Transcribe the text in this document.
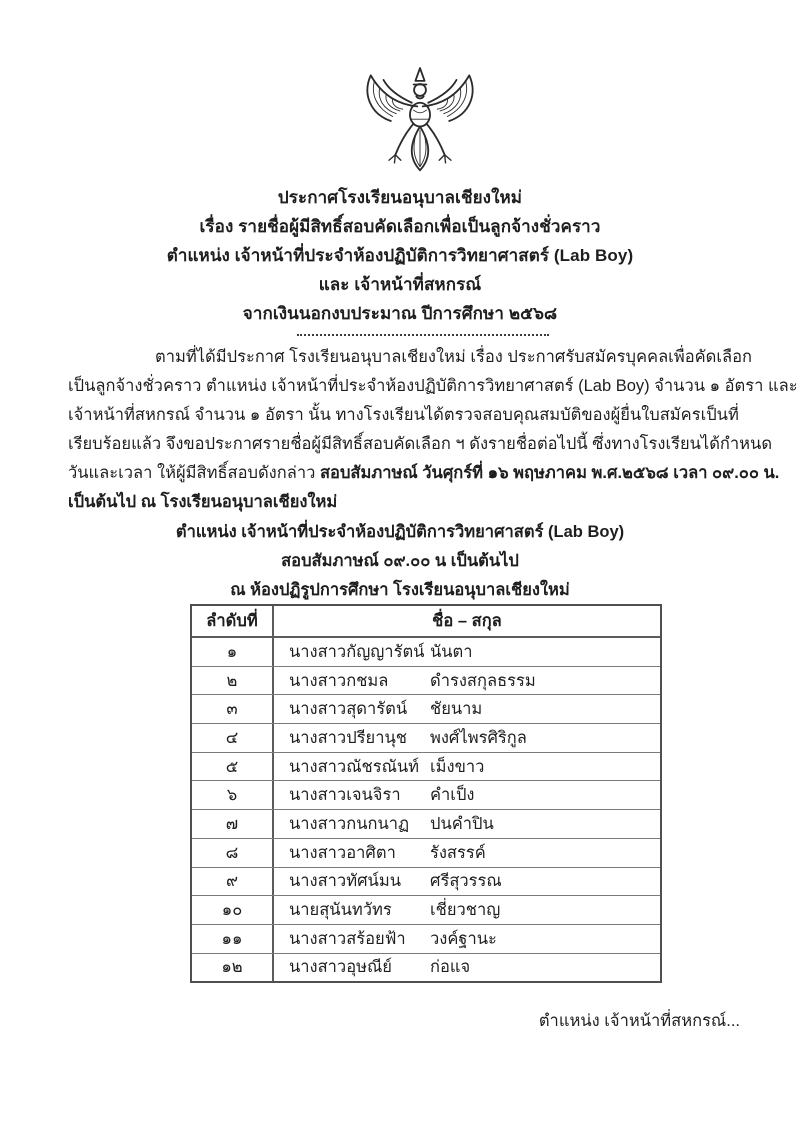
ประกาศโรงเรียนอนุบาลเชียงใหม่
เรื่อง รายชื่อผู้มีสิทธิ์สอบคัดเลือกเพื่อเป็นลูกจ้างชั่วคราว
ตำแหน่ง เจ้าหน้าที่ประจำห้องปฏิบัติการวิทยาศาสตร์ (Lab Boy)
และ เจ้าหน้าที่สหกรณ์
จากเงินนอกงบประมาณ ปีการศึกษา ๒๕๖๘
ตามที่ได้มีประกาศ โรงเรียนอนุบาลเชียงใหม่ เรื่อง ประกาศรับสมัครบุคคลเพื่อคัดเลือก
เป็นลูกจ้างชั่วคราว ตำแหน่ง เจ้าหน้าที่ประจำห้องปฏิบัติการวิทยาศาสตร์ (Lab Boy) จำนวน ๑ อัตรา และ
เจ้าหน้าที่สหกรณ์ จำนวน ๑ อัตรา นั้น ทางโรงเรียนได้ตรวจสอบคุณสมบัติของผู้ยื่นใบสมัครเป็นที่
เรียบร้อยแล้ว จึงขอประกาศรายชื่อผู้มีสิทธิ์สอบคัดเลือก ฯ ดังรายชื่อต่อไปนี้ ซึ่งทางโรงเรียนได้กำหนด
วันและเวลา ให้ผู้มีสิทธิ์สอบดังกล่าว สอบสัมภาษณ์ วันศุกร์ที่ ๑๖ พฤษภาคม พ.ศ.๒๕๖๘ เวลา ๐๙.๐๐ น.
เป็นต้นไป ณ โรงเรียนอนุบาลเชียงใหม่
ตำแหน่ง เจ้าหน้าที่ประจำห้องปฏิบัติการวิทยาศาสตร์ (Lab Boy)
สอบสัมภาษณ์ ๐๙.๐๐ น เป็นต้นไป
ณ ห้องปฏิรูปการศึกษา โรงเรียนอนุบาลเชียงใหม่
ลำดับที่	ชื่อ – สกุล
๑	นางสาวกัญญารัตน์ นันตา
๒	นางสาวกชมล	ดำรงสกุลธรรม
๓	นางสาวสุดารัตน์	ชัยนาม
๔	นางสาวปรียานุช	พงศ์ไพรศิริกูล
๕	นางสาวณัชรณันท์ เม็งขาว
๖	นางสาวเจนจิรา	คำเป็ง
๗	นางสาวกนกนาฏ	ปนคำปิน
๘	นางสาวอาศิตา	รังสรรค์
๙	นางสาวทัศน์มน	ศรีสุวรรณ
๑๐	นายสุนันทวัทร	เชี่ยวชาญ
๑๑	นางสาวสร้อยฟ้า	วงค์ฐานะ
๑๒	นางสาวอุษณีย์	ก่อแจ
ตำแหน่ง เจ้าหน้าที่สหกรณ์...
